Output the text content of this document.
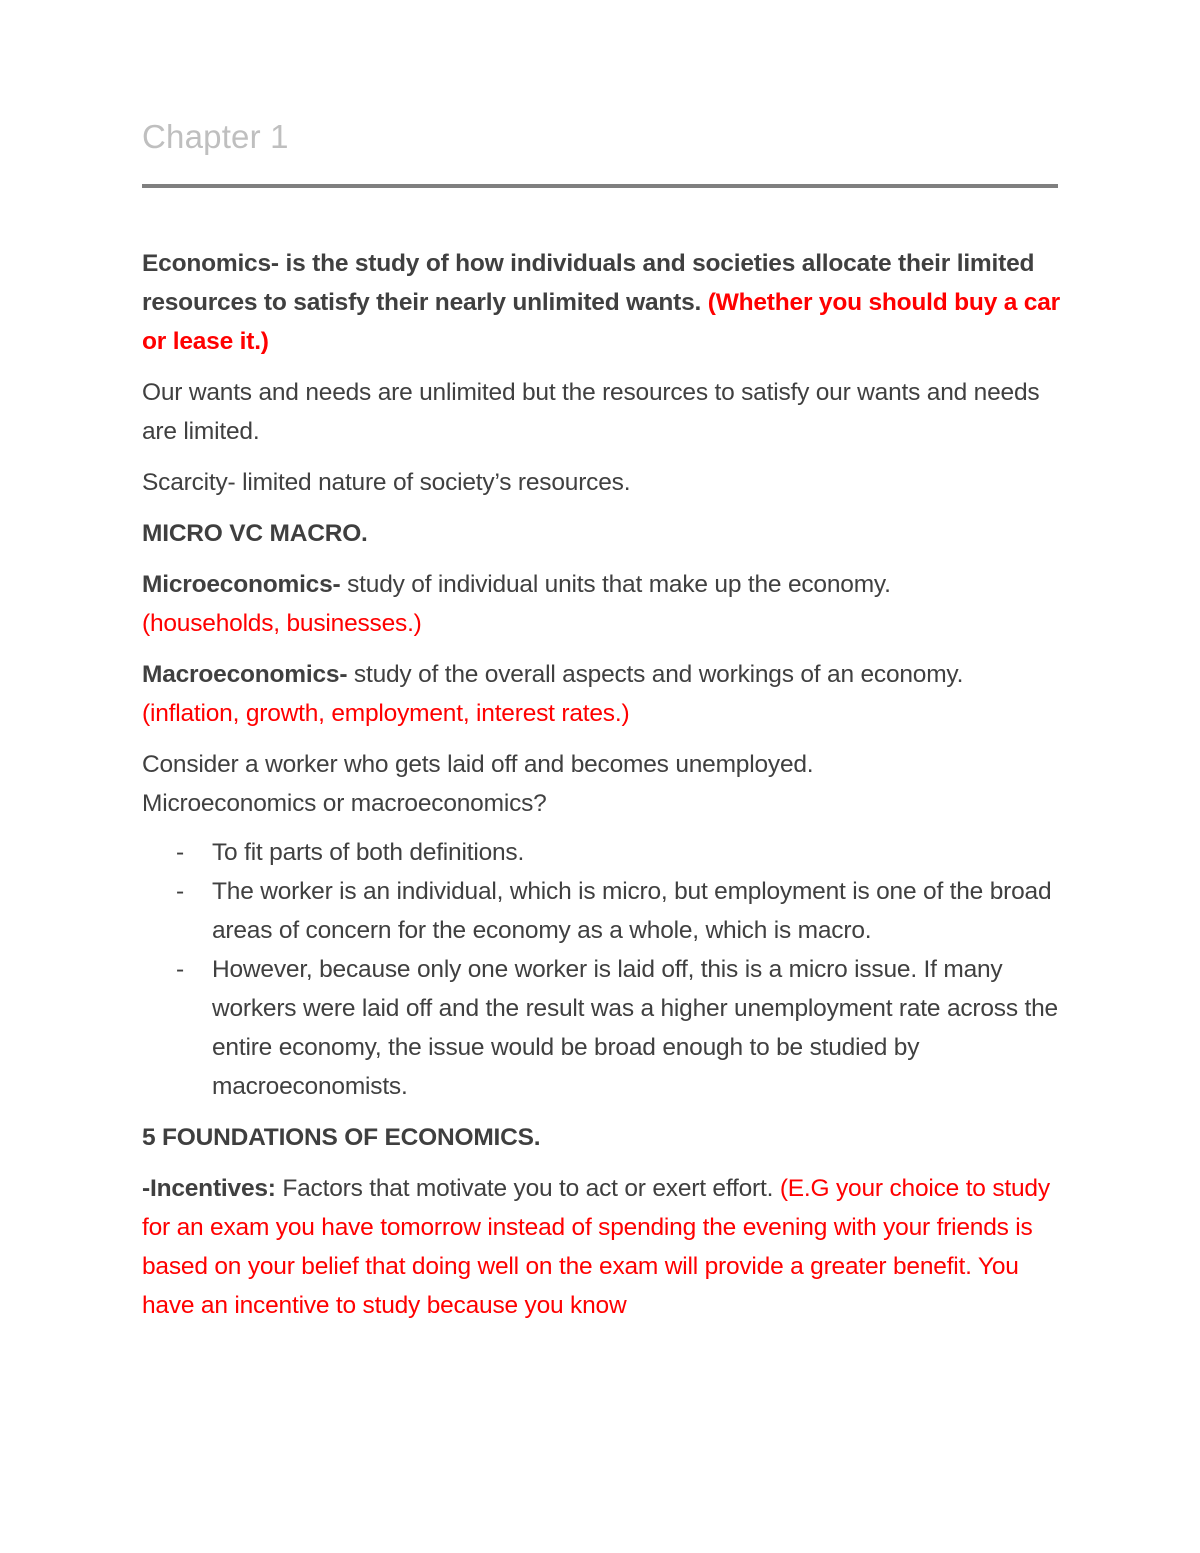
Chapter 1

Economics- is the study of how individuals and societies allocate their limited resources to satisfy their nearly unlimited wants. (Whether you should buy a car or lease it.)

Our wants and needs are unlimited but the resources to satisfy our wants and needs are limited.

Scarcity- limited nature of society’s resources.

MICRO VC MACRO.

Microeconomics- study of individual units that make up the economy.
(households, businesses.)

Macroeconomics- study of the overall aspects and workings of an economy.
(inflation, growth, employment, interest rates.)

Consider a worker who gets laid off and becomes unemployed.
Microeconomics or macroeconomics?

- To fit parts of both definitions.
- The worker is an individual, which is micro, but employment is one of the broad areas of concern for the economy as a whole, which is macro.
- However, because only one worker is laid off, this is a micro issue. If many workers were laid off and the result was a higher unemployment rate across the entire economy, the issue would be broad enough to be studied by macroeconomists.

5 FOUNDATIONS OF ECONOMICS.

-Incentives: Factors that motivate you to act or exert effort. (E.G your choice to study for an exam you have tomorrow instead of spending the evening with your friends is based on your belief that doing well on the exam will provide a greater benefit. You have an incentive to study because you know
